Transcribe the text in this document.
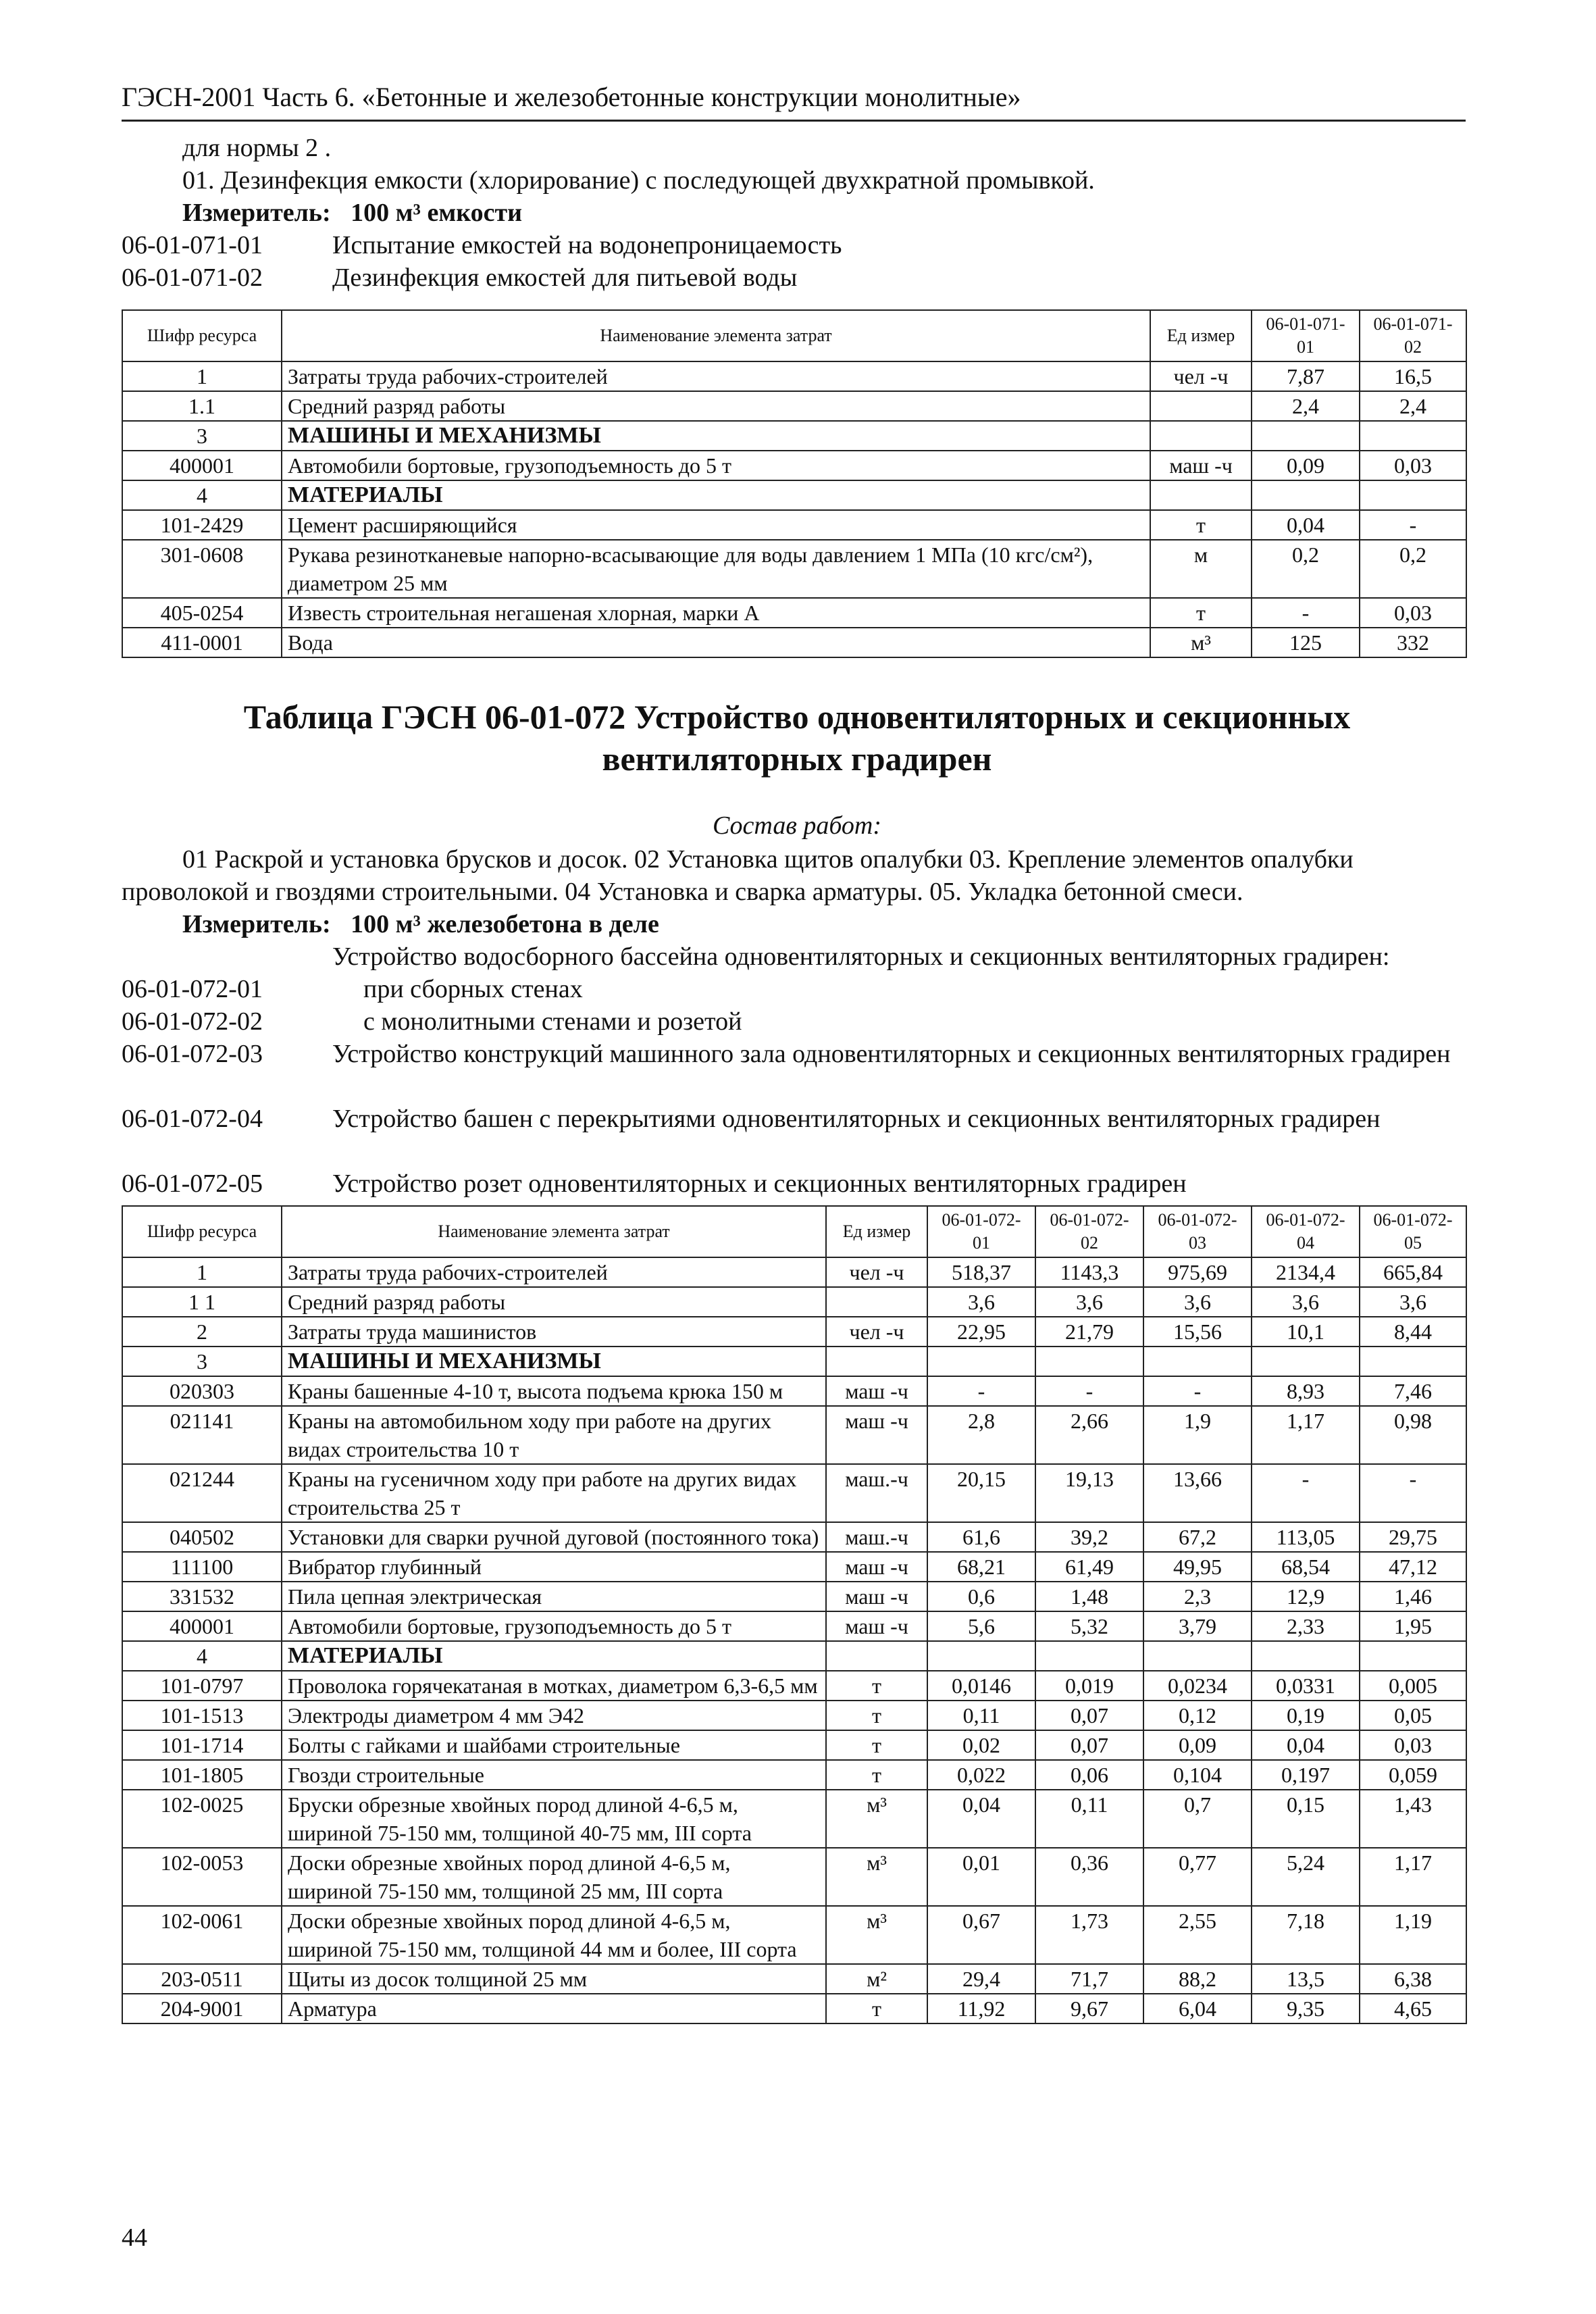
ГЭСН-2001 Часть 6. «Бетонные и железобетонные конструкции монолитные»
для нормы 2 .
01. Дезинфекция емкости (хлорирование) с последующей двухкратной промывкой.
Измеритель: 100 м³ емкости
06-01-071-01	Испытание емкостей на водонепроницаемость
06-01-071-02	Дезинфекция емкостей для питьевой воды
Шифр ресурса	Наименование элемента затрат	Ед измер	06-01-071-01	06-01-071-02
1	Затраты труда рабочих-строителей	чел -ч	7,87	16,5
1.1	Средний разряд работы		2,4	2,4
3	МАШИНЫ И МЕХАНИЗМЫ			
400001	Автомобили бортовые, грузоподъемность до 5 т	маш -ч	0,09	0,03
4	МАТЕРИАЛЫ			
101-2429	Цемент расширяющийся	т	0,04	-
301-0608	Рукава резинотканевые напорно-всасывающие для воды давлением 1 МПа (10 кгс/см²), диаметром 25 мм	м	0,2	0,2
405-0254	Известь строительная негашеная хлорная, марки А	т	-	0,03
411-0001	Вода	м³	125	332
Таблица ГЭСН 06-01-072 Устройство одновентиляторных и секционных вентиляторных градирен
Состав работ:
01 Раскрой и установка брусков и досок. 02 Установка щитов опалубки 03. Крепление элементов опалубки проволокой и гвоздями строительными. 04 Установка и сварка арматуры. 05. Укладка бетонной смеси.
Измеритель: 100 м³ железобетона в деле
Устройство водосборного бассейна одновентиляторных и секционных вентиляторных градирен:
06-01-072-01	при сборных стенах
06-01-072-02	с монолитными стенами и розетой
06-01-072-03	Устройство конструкций машинного зала одновентиляторных и секционных вентиляторных градирен
06-01-072-04	Устройство башен с перекрытиями одновентиляторных и секционных вентиляторных градирен
06-01-072-05	Устройство розет одновентиляторных и секционных вентиляторных градирен
Шифр ресурса	Наименование элемента затрат	Ед измер	06-01-072-01	06-01-072-02	06-01-072-03	06-01-072-04	06-01-072-05
1	Затраты труда рабочих-строителей	чел -ч	518,37	1143,3	975,69	2134,4	665,84
1 1	Средний разряд работы		3,6	3,6	3,6	3,6	3,6
2	Затраты труда машинистов	чел -ч	22,95	21,79	15,56	10,1	8,44
3	МАШИНЫ И МЕХАНИЗМЫ						
020303	Краны башенные 4-10 т, высота подъема крюка 150 м	маш -ч	-	-	-	8,93	7,46
021141	Краны на автомобильном ходу при работе на других видах строительства 10 т	маш -ч	2,8	2,66	1,9	1,17	0,98
021244	Краны на гусеничном ходу при работе на других видах строительства 25 т	маш.-ч	20,15	19,13	13,66	-	-
040502	Установки для сварки ручной дуговой (постоянного тока)	маш.-ч	61,6	39,2	67,2	113,05	29,75
111100	Вибратор глубинный	маш -ч	68,21	61,49	49,95	68,54	47,12
331532	Пила цепная электрическая	маш -ч	0,6	1,48	2,3	12,9	1,46
400001	Автомобили бортовые, грузоподъемность до 5 т	маш -ч	5,6	5,32	3,79	2,33	1,95
4	МАТЕРИАЛЫ						
101-0797	Проволока горячекатаная в мотках, диаметром 6,3-6,5 мм	т	0,0146	0,019	0,0234	0,0331	0,005
101-1513	Электроды диаметром 4 мм Э42	т	0,11	0,07	0,12	0,19	0,05
101-1714	Болты с гайками и шайбами строительные	т	0,02	0,07	0,09	0,04	0,03
101-1805	Гвозди строительные	т	0,022	0,06	0,104	0,197	0,059
102-0025	Бруски обрезные хвойных пород длиной 4-6,5 м, шириной 75-150 мм, толщиной 40-75 мм, III сорта	м³	0,04	0,11	0,7	0,15	1,43
102-0053	Доски обрезные хвойных пород длиной 4-6,5 м, шириной 75-150 мм, толщиной 25 мм, III сорта	м³	0,01	0,36	0,77	5,24	1,17
102-0061	Доски обрезные хвойных пород длиной 4-6,5 м, шириной 75-150 мм, толщиной 44 мм и более, III сорта	м³	0,67	1,73	2,55	7,18	1,19
203-0511	Щиты из досок толщиной 25 мм	м²	29,4	71,7	88,2	13,5	6,38
204-9001	Арматура	т	11,92	9,67	6,04	9,35	4,65
44
